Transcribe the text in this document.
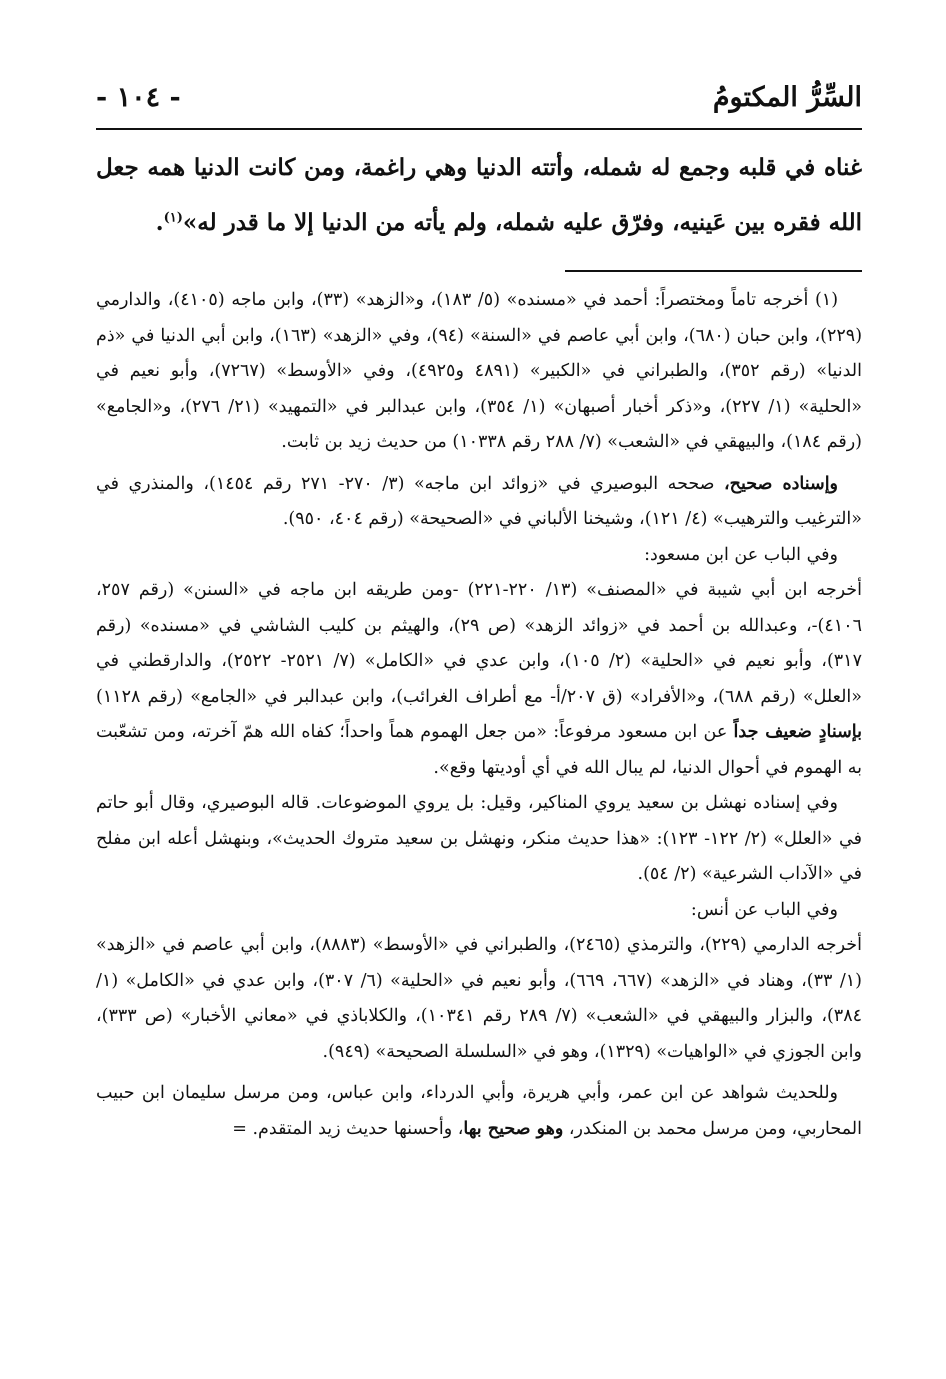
السِّرُّ المكتومُ
- ١٠٤ -

غناه في قلبه وجمع له شمله، وأتته الدنيا وهي راغمة، ومن كانت الدنيا همه جعل الله فقره بين عَينيه، وفرّق عليه شمله، ولم يأته من الدنيا إلا ما قدر له»$^{(١)}$.

(١) أخرجه تاماً ومختصراً: أحمد في «مسنده» (٥/ ١٨٣)، و«الزهد» (٣٣)، وابن ماجه (٤١٠٥)، والدارمي (٢٢٩)، وابن حبان (٦٨٠)، وابن أبي عاصم في «السنة» (٩٤)، وفي «الزهد» (١٦٣)، وابن أبي الدنيا في «ذم الدنيا» (رقم ٣٥٢)، والطبراني في «الكبير» (٤٨٩١ و٤٩٢٥)، وفي «الأوسط» (٧٢٦٧)، وأبو نعيم في «الحلية» (١/ ٢٢٧)، و«ذكر أخبار أصبهان» (١/ ٣٥٤)، وابن عبدالبر في «التمهيد» (٢١/ ٢٧٦)، و«الجامع» (رقم ١٨٤)، والبيهقي في «الشعب» (٧/ ٢٨٨ رقم ١٠٣٣٨) من حديث زيد بن ثابت.

وإسناده صحيح، صححه البوصيري في «زوائد ابن ماجه» (٣/ ٢٧٠- ٢٧١ رقم ١٤٥٤)، والمنذري في «الترغيب والترهيب» (٤/ ١٢١)، وشيخنا الألباني في «الصحيحة» (رقم ٤٠٤، ٩٥٠).

وفي الباب عن ابن مسعود:

أخرجه ابن أبي شيبة في «المصنف» (١٣/ ٢٢٠-٢٢١) -ومن طريقه ابن ماجه في «السنن» (رقم ٢٥٧، ٤١٠٦)-، وعبدالله بن أحمد في «زوائد الزهد» (ص ٢٩)، والهيثم بن كليب الشاشي في «مسنده» (رقم ٣١٧)، وأبو نعيم في «الحلية» (٢/ ١٠٥)، وابن عدي في «الكامل» (٧/ ٢٥٢١- ٢٥٢٢)، والدارقطني في «العلل» (رقم ٦٨٨)، و«الأفراد» (ق ٢٠٧/أ- مع أطراف الغرائب)، وابن عبدالبر في «الجامع» (رقم ١١٢٨) بإسنادٍ ضعيف جداً عن ابن مسعود مرفوعاً: «من جعل الهموم هماً واحداً؛ كفاه الله همّ آخرته، ومن تشعّبت به الهموم في أحوال الدنيا، لم يبال الله في أي أوديتها وقع».

وفي إسناده نهشل بن سعيد يروي المناكير، وقيل: بل يروي الموضوعات. قاله البوصيري، وقال أبو حاتم في «العلل» (٢/ ١٢٢- ١٢٣): «هذا حديث منكر، ونهشل بن سعيد متروك الحديث»، وبنهشل أعله ابن مفلح في «الآداب الشرعية» (٢/ ٥٤).

وفي الباب عن أنس:

أخرجه الدارمي (٢٢٩)، والترمذي (٢٤٦٥)، والطبراني في «الأوسط» (٨٨٨٣)، وابن أبي عاصم في «الزهد» (١/ ٣٣)، وهناد في «الزهد» (٦٦٧، ٦٦٩)، وأبو نعيم في «الحلية» (٦/ ٣٠٧)، وابن عدي في «الكامل» (١/ ٣٨٤)، والبزار والبيهقي في «الشعب» (٧/ ٢٨٩ رقم ١٠٣٤١)، والكلاباذي في «معاني الأخبار» (ص ٣٣٣)، وابن الجوزي في «الواهيات» (١٣٢٩)، وهو في «السلسلة الصحيحة» (٩٤٩).

وللحديث شواهد عن ابن عمر، وأبي هريرة، وأبي الدرداء، وابن عباس، ومن مرسل سليمان ابن حبيب المحاربي، ومن مرسل محمد بن المنكدر، وهو صحيح بها، وأحسنها حديث زيد المتقدم. =
